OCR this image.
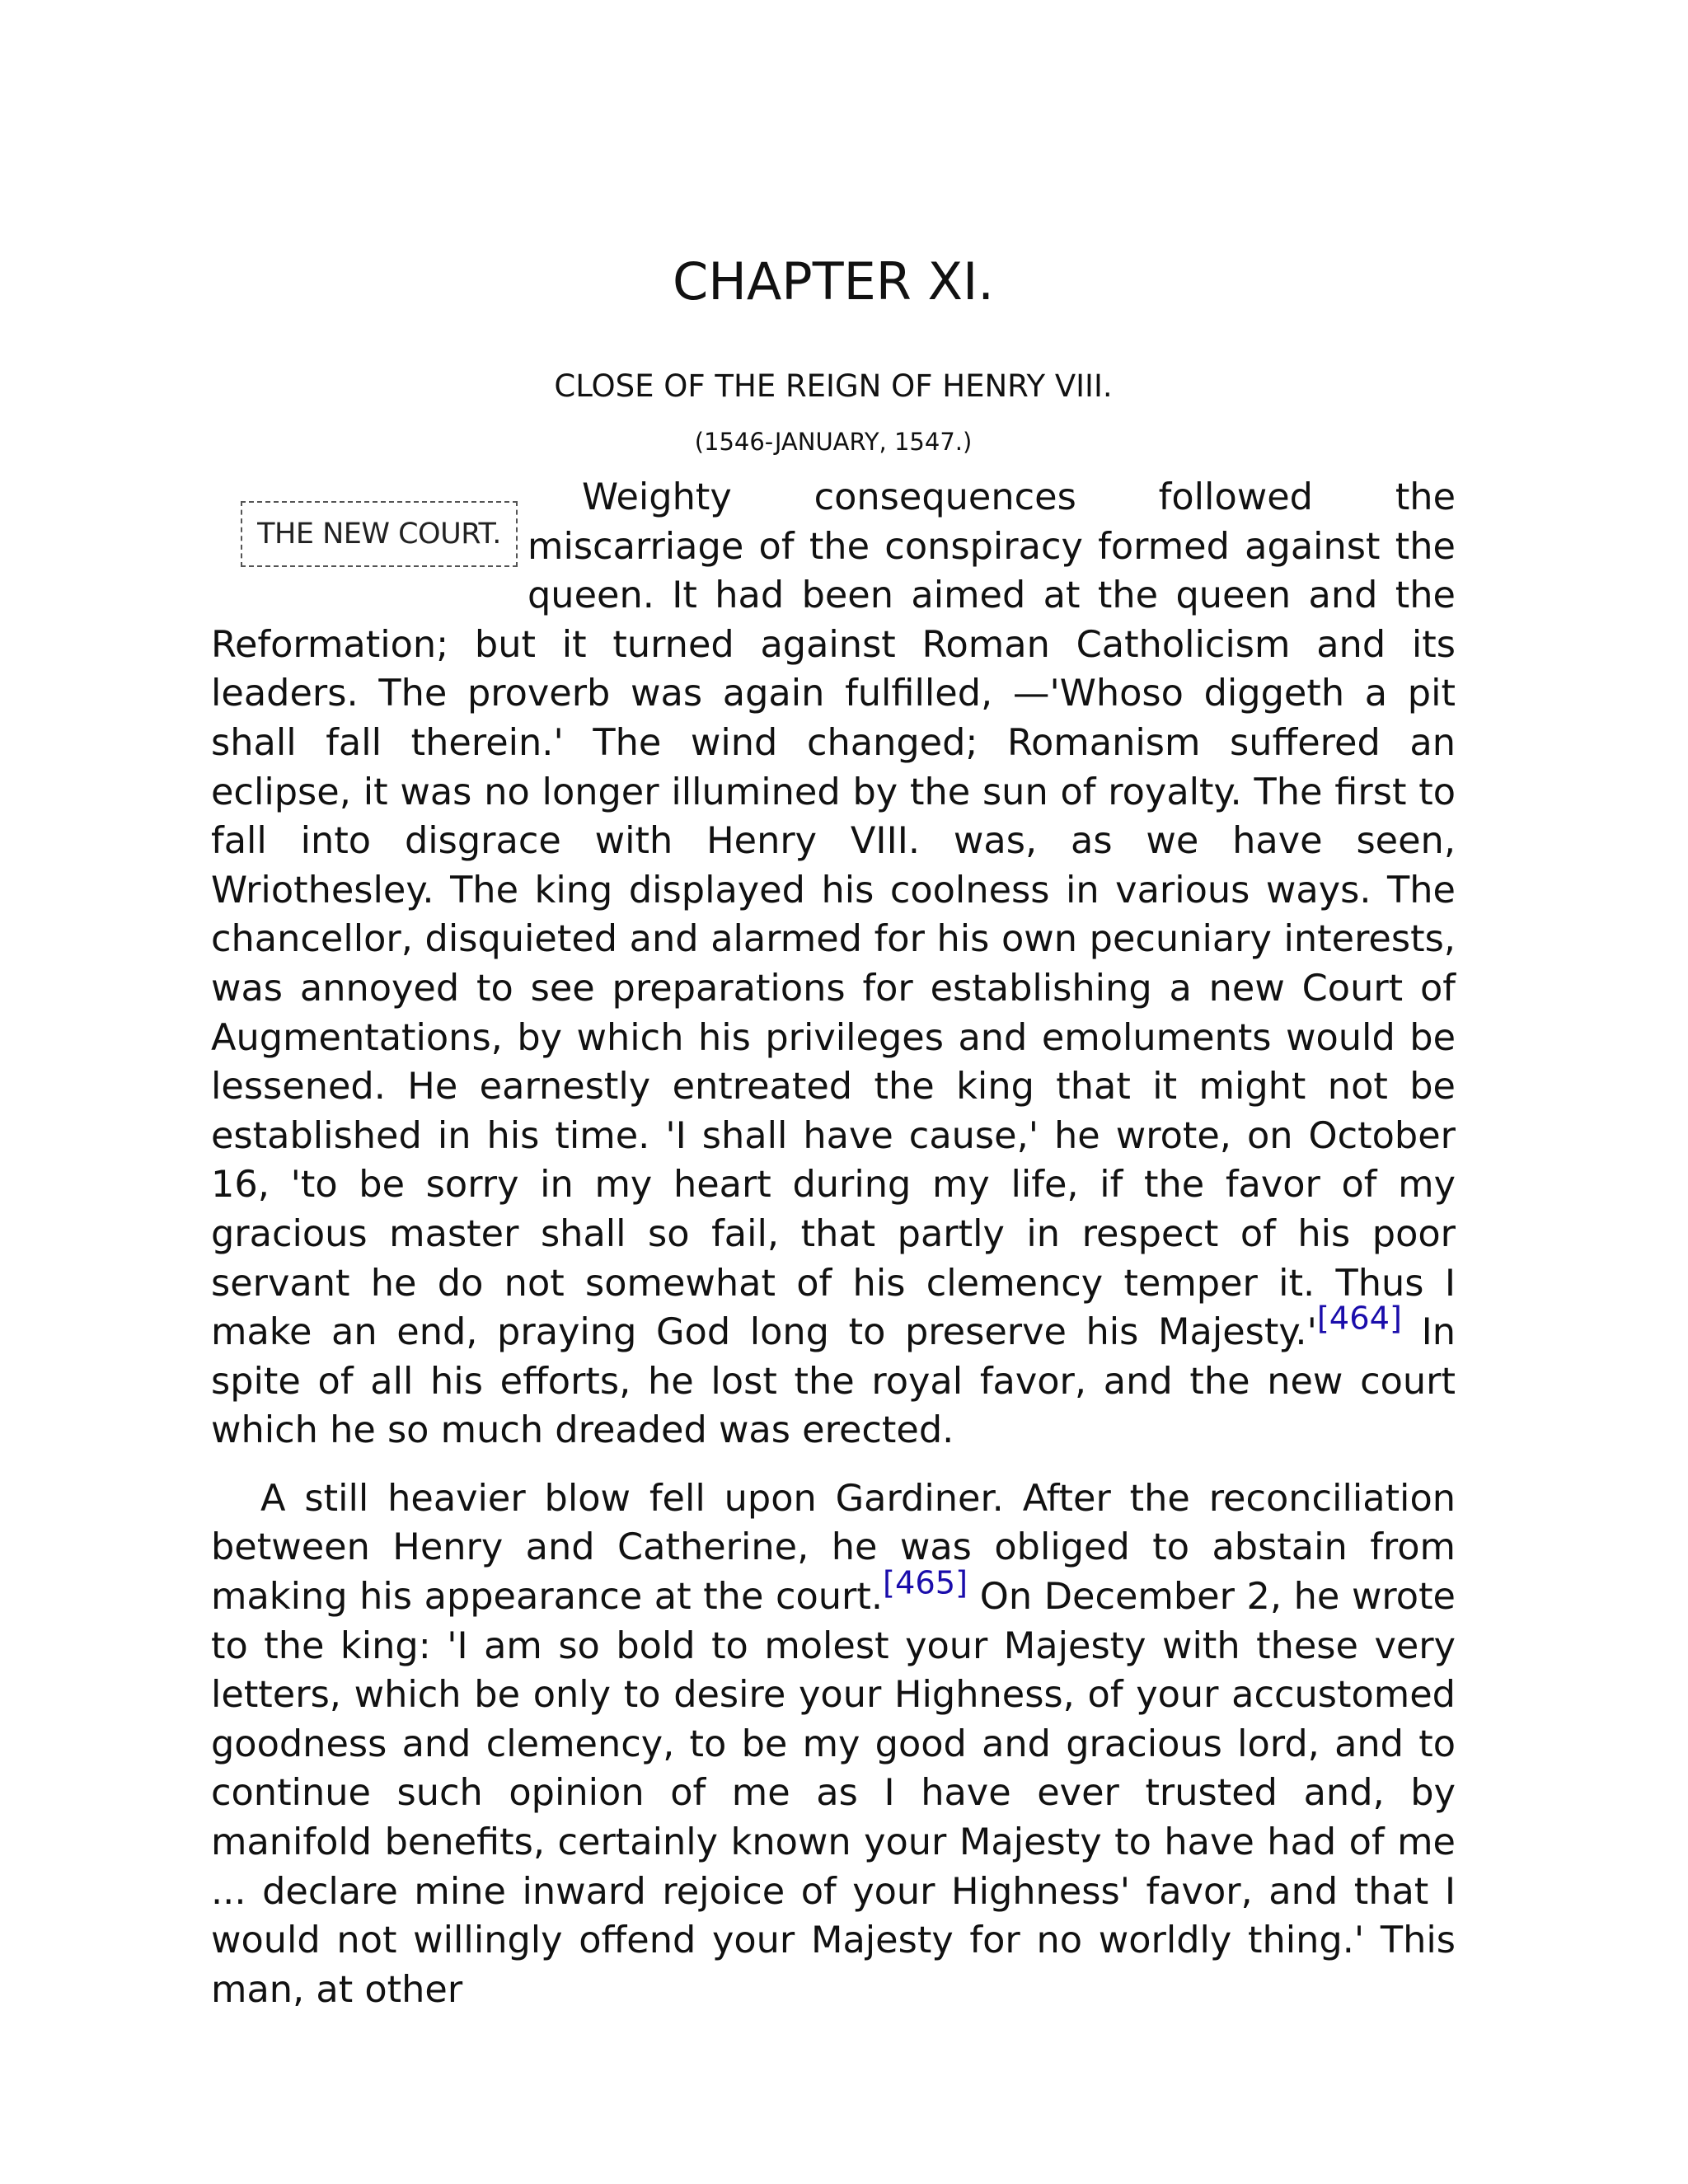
CHAPTER XI.
CLOSE OF THE REIGN OF HENRY VIII.
(1546-JANUARY, 1547.)

THE NEW COURT.
Weighty consequences followed the miscarriage of the conspiracy formed against the queen. It had been aimed at the queen and the Reformation; but it turned against Roman Catholicism and its leaders. The proverb was again fulfilled, —'Whoso diggeth a pit shall fall therein.' The wind changed; Romanism suffered an eclipse, it was no longer illumined by the sun of royalty. The first to fall into disgrace with Henry VIII. was, as we have seen, Wriothesley. The king displayed his coolness in various ways. The chancellor, disquieted and alarmed for his own pecuniary interests, was annoyed to see preparations for establishing a new Court of Augmentations, by which his privileges and emoluments would be lessened. He earnestly entreated the king that it might not be established in his time. 'I shall have cause,' he wrote, on October 16, 'to be sorry in my heart during my life, if the favor of my gracious master shall so fail, that partly in respect of his poor servant he do not somewhat of his clemency temper it. Thus I make an end, praying God long to preserve his Majesty.'[464] In spite of all his efforts, he lost the royal favor, and the new court which he so much dreaded was erected.

A still heavier blow fell upon Gardiner. After the reconciliation between Henry and Catherine, he was obliged to abstain from making his appearance at the court.[465] On December 2, he wrote to the king: 'I am so bold to molest your Majesty with these very letters, which be only to desire your Highness, of your accustomed goodness and clemency, to be my good and gracious lord, and to continue such opinion of me as I have ever trusted and, by manifold benefits, certainly known your Majesty to have had of me ... declare mine inward rejoice of your Highness' favor, and that I would not willingly offend your Majesty for no worldly thing.' This man, at other
